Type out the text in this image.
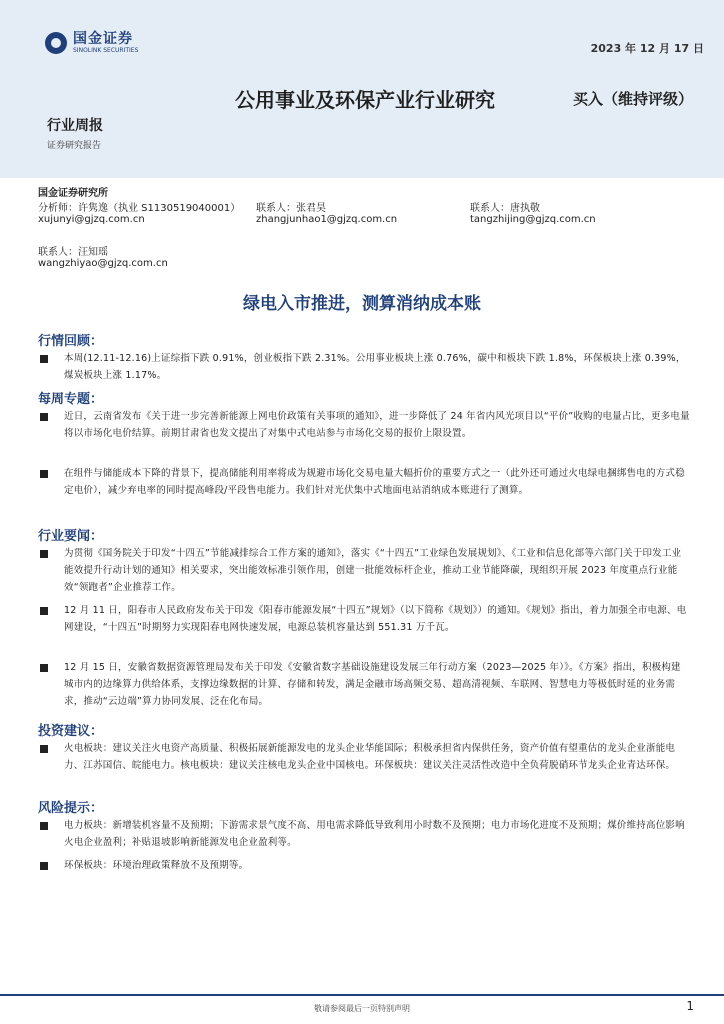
国金证券
SINOLINK SECURITIES	2023 年 12 月 17 日
公用事业及环保产业行业研究	买入（维持评级）
行业周报
证券研究报告
国金证券研究所
分析师：许隽逸（执业 S1130519040001）
xujunyi@gjzq.com.cn
联系人：张君昊
zhangjunhao1@gjzq.com.cn
联系人：唐执敬
tangzhijing@gjzq.com.cn
联系人：汪知瑶
wangzhiyao@gjzq.com.cn
绿电入市推进，测算消纳成本账
行情回顾：
本周(12.11-12.16)上证综指下跌 0.91%，创业板指下跌 2.31%。公用事业板块上涨 0.76%，碳中和板块下跌 1.8%，环保板块上涨 0.39%，煤炭板块上涨 1.17%。
每周专题：
近日，云南省发布《关于进一步完善新能源上网电价政策有关事项的通知》，进一步降低了 24 年省内风光项目以“平价”收购的电量占比，更多电量将以市场化电价结算。前期甘肃省也发文提出了对集中式电站参与市场化交易的报价上限设置。
在组件与储能成本下降的背景下，提高储能利用率将成为规避市场化交易电量大幅折价的重要方式之一（此外还可通过火电绿电捆绑售电的方式稳定电价），减少弃电率的同时提高峰段/平段售电能力。我们针对光伏集中式地面电站消纳成本账进行了测算。
行业要闻：
为贯彻《国务院关于印发“十四五”节能减排综合工作方案的通知》，落实《“十四五”工业绿色发展规划》、《工业和信息化部等六部门关于印发工业能效提升行动计划的通知》相关要求，突出能效标准引领作用，创建一批能效标杆企业，推动工业节能降碳，现组织开展 2023 年度重点行业能效“领跑者”企业推荐工作。
12 月 11 日，阳春市人民政府发布关于印发《阳春市能源发展“十四五”规划》（以下简称《规划》）的通知。《规划》指出，着力加强全市电源、电网建设，“十四五”时期努力实现阳春电网快速发展，电源总装机容量达到 551.31 万千瓦。
12 月 15 日，安徽省数据资源管理局发布关于印发《安徽省数字基础设施建设发展三年行动方案（2023—2025 年）》。《方案》指出，积极构建城市内的边缘算力供给体系，支撑边缘数据的计算、存储和转发，满足金融市场高频交易、超高清视频、车联网、智慧电力等极低时延的业务需求，推动“云边端”算力协同发展、泛在化布局。
投资建议：
火电板块：建议关注火电资产高质量、积极拓展新能源发电的龙头企业华能国际；积极承担省内保供任务，资产价值有望重估的龙头企业浙能电力、江苏国信、皖能电力。核电板块：建议关注核电龙头企业中国核电。环保板块：建议关注灵活性改造中全负荷脱硝环节龙头企业青达环保。
风险提示：
电力板块：新增装机容量不及预期；下游需求景气度不高、用电需求降低导致利用小时数不及预期；电力市场化进度不及预期；煤价维持高位影响火电企业盈利；补贴退坡影响新能源发电企业盈利等。
环保板块：环境治理政策释放不及预期等。
敬请参阅最后一页特别声明	1
